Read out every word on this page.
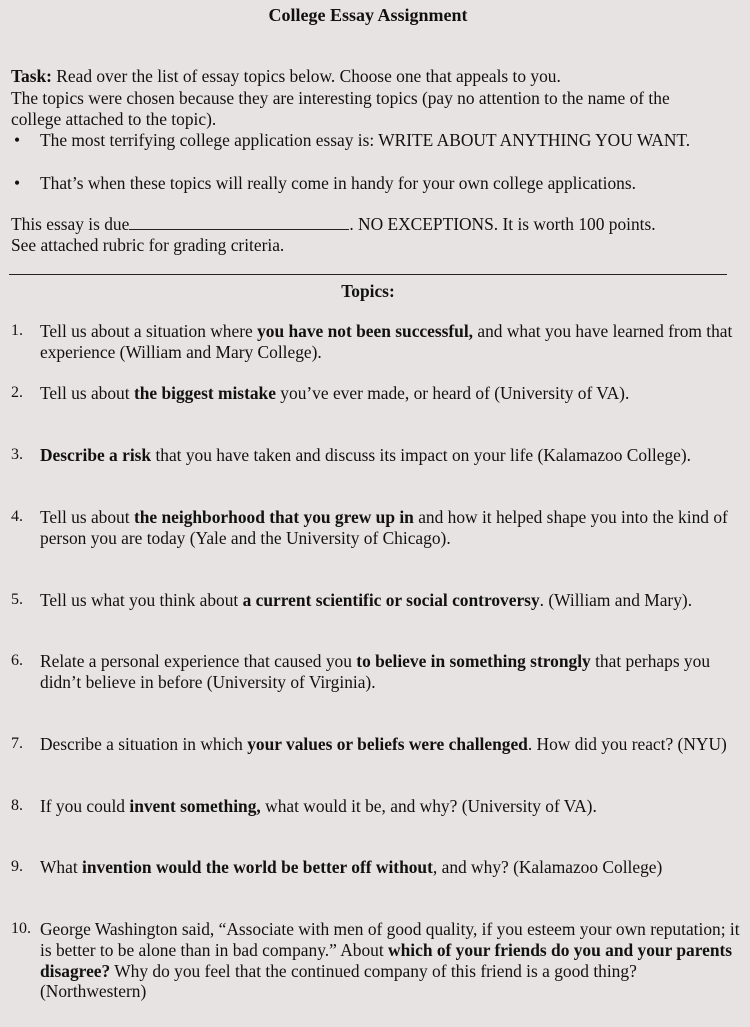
College Essay Assignment
Task: Read over the list of essay topics below. Choose one that appeals to you.
The topics were chosen because they are interesting topics (pay no attention to the name of the college attached to the topic).
• The most terrifying college application essay is: WRITE ABOUT ANYTHING YOU WANT.
• That’s when these topics will really come in handy for your own college applications.
This essay is due	. NO EXCEPTIONS. It is worth 100 points.
See attached rubric for grading criteria.
Topics:
1. Tell us about a situation where you have not been successful, and what you have learned from that experience (William and Mary College).
2. Tell us about the biggest mistake you’ve ever made, or heard of (University of VA).
3. Describe a risk that you have taken and discuss its impact on your life (Kalamazoo College).
4. Tell us about the neighborhood that you grew up in and how it helped shape you into the kind of person you are today (Yale and the University of Chicago).
5. Tell us what you think about a current scientific or social controversy. (William and Mary).
6. Relate a personal experience that caused you to believe in something strongly that perhaps you didn’t believe in before (University of Virginia).
7. Describe a situation in which your values or beliefs were challenged. How did you react? (NYU)
8. If you could invent something, what would it be, and why? (University of VA).
9. What invention would the world be better off without, and why? (Kalamazoo College)
10. George Washington said, “Associate with men of good quality, if you esteem your own reputation; it is better to be alone than in bad company.” About which of your friends do you and your parents disagree? Why do you feel that the continued company of this friend is a good thing? (Northwestern)
